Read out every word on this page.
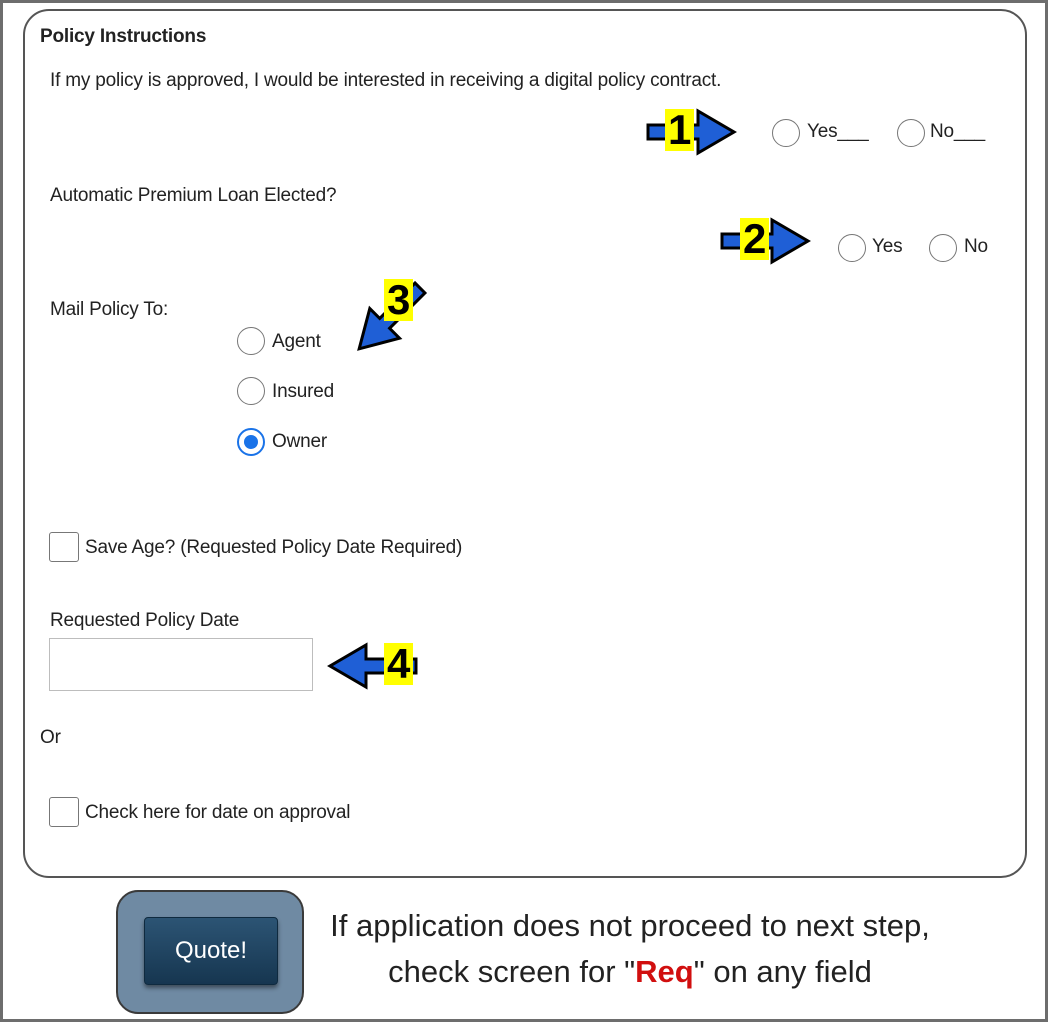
Policy Instructions
If my policy is approved, I would be interested in receiving a digital policy contract.
Yes___	No___
Automatic Premium Loan Elected?
Yes	No
Mail Policy To:
Agent
Insured
Owner
Save Age? (Requested Policy Date Required)
Requested Policy Date
Or
Check here for date on approval
1
2
3
4
Quote!
If application does not proceed to next step,
check screen for "Req" on any field
